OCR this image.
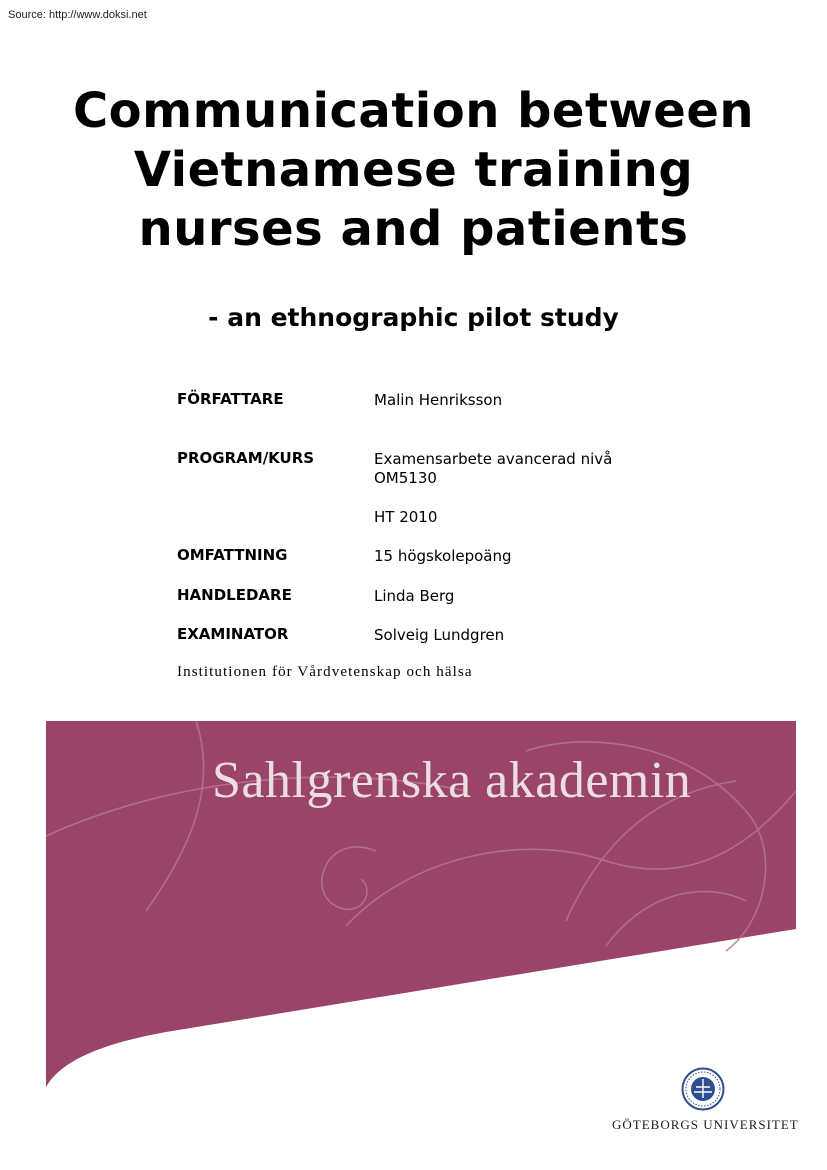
Source: http://www.doksi.net
Communication between
Vietnamese training
nurses and patients
- an ethnographic pilot study
FÖRFATTARE	Malin Henriksson
PROGRAM/KURS	Examensarbete avancerad nivå
OM5130
HT 2010
OMFATTNING	15 högskolepoäng
HANDLEDARE	Linda Berg
EXAMINATOR	Solveig Lundgren
Institutionen för Vårdvetenskap och hälsa
Sahlgrenska akademin
GÖTEBORGS UNIVERSITET
